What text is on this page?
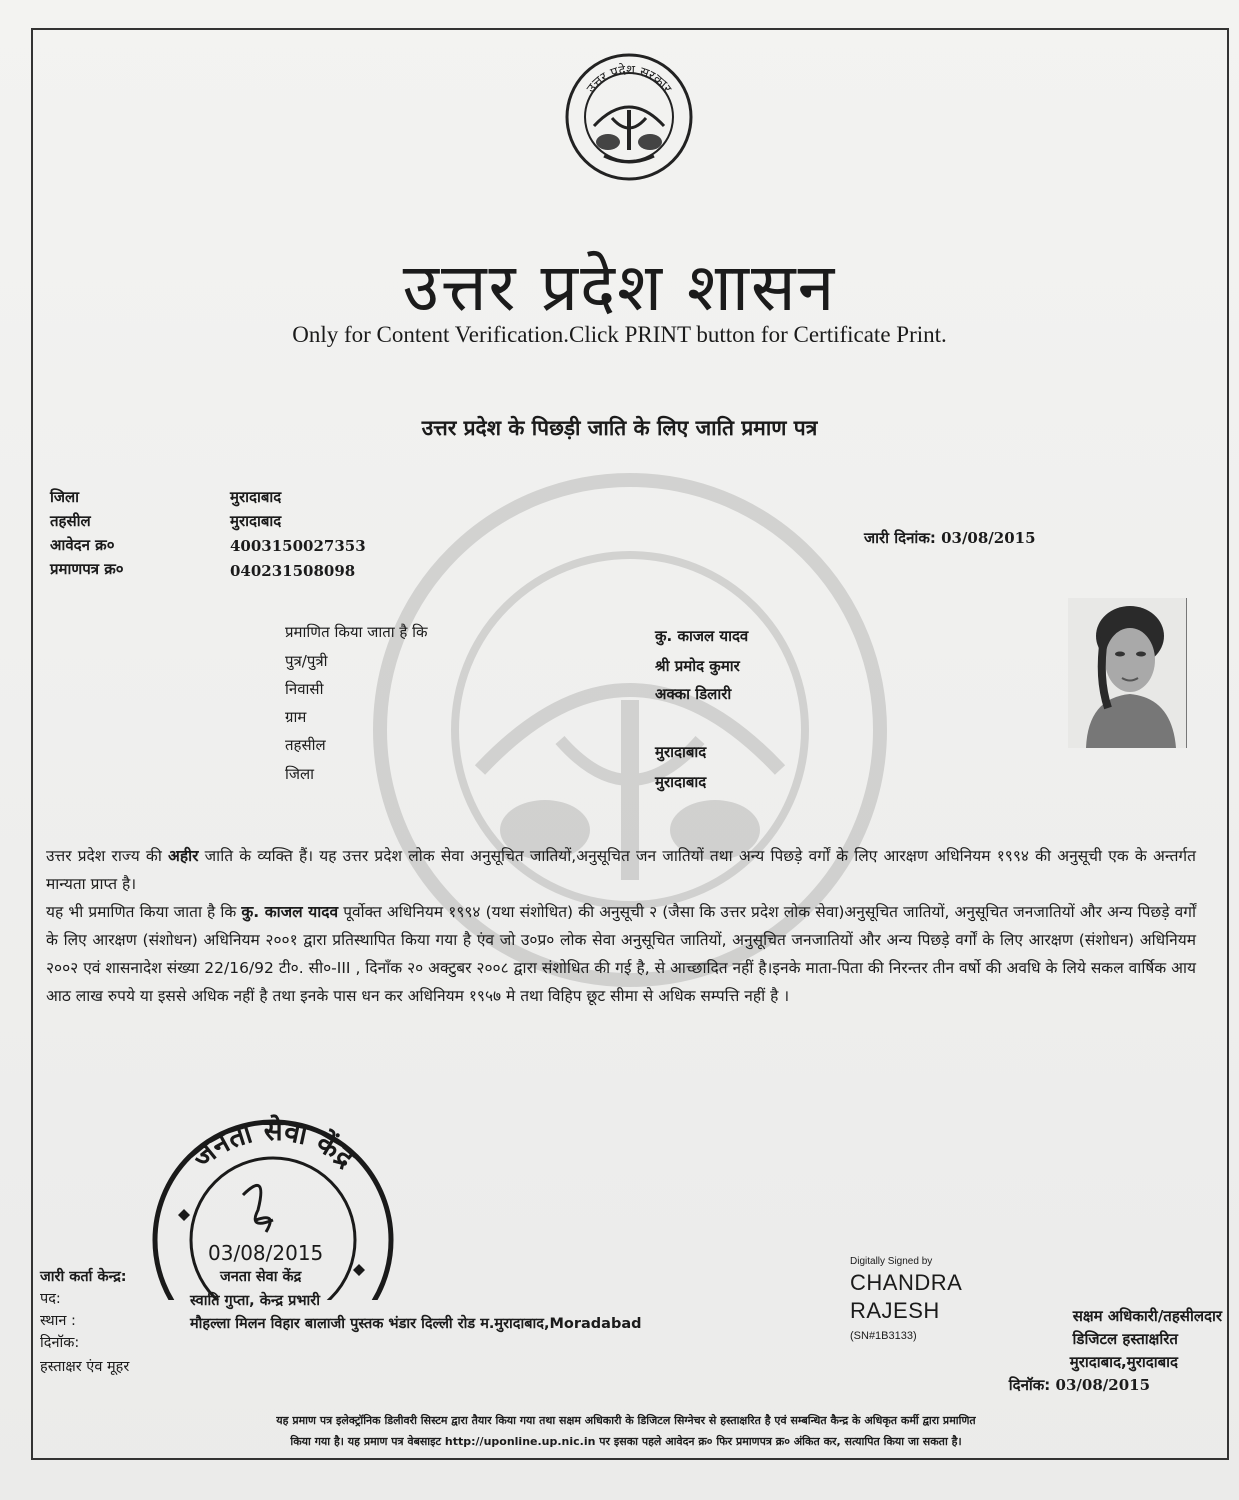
उत्तर प्रदेश सरकार
उत्तर प्रदेश शासन
Only for Content Verification.Click PRINT button for Certificate Print.
उत्तर प्रदेश के पिछड़ी जाति के लिए जाति प्रमाण पत्र
जिला	मुरादाबाद
तहसील	मुरादाबाद
आवेदन क्र०	4003150027353
प्रमाणपत्र क्र०	040231508098
जारी दिनांक: 03/08/2015
प्रमाणित किया जाता है कि	कु. काजल यादव
पुत्र/पुत्री	श्री प्रमोद कुमार
निवासी	अक्का डिलारी
ग्राम
तहसील	मुरादाबाद
जिला	मुरादाबाद
उत्तर प्रदेश राज्य की अहीर जाति के व्यक्ति हैं। यह उत्तर प्रदेश लोक सेवा अनुसूचित जातियों,अनुसूचित जन जातियों तथा अन्य पिछड़े वर्गों के लिए आरक्षण अधिनियम १९९४ की अनुसूची एक के अन्तर्गत मान्यता प्राप्त है।
यह भी प्रमाणित किया जाता है कि कु. काजल यादव पूर्वोक्त अधिनियम १९९४ (यथा संशोधित) की अनुसूची २ (जैसा कि उत्तर प्रदेश लोक सेवा)अनुसूचित जातियों, अनुसूचित जनजातियों और अन्य पिछड़े वर्गों के लिए आरक्षण (संशोधन) अधिनियम २००१ द्वारा प्रतिस्थापित किया गया है एंव जो उ०प्र० लोक सेवा अनुसूचित जातियों, अनुसूचित जनजातियों और अन्य पिछड़े वर्गों के लिए आरक्षण (संशोधन) अधिनियम २००२ एवं शासनादेश संख्या 22/16/92 टी०. सी०-III , दिनाँक २० अक्टुबर २००८ द्वारा संशोधित की गई है, से आच्छादित नहीं है।इनके माता-पिता की निरन्तर तीन वर्षो की अवधि के लिये सकल वार्षिक आय आठ लाख रुपये या इससे अधिक नहीं है तथा इनके पास धन कर अधिनियम १९५७ मे तथा विहिप छूट सीमा से अधिक सम्पत्ति नहीं है ।
जनता सेवा केंद्र
03/08/2015
जारी कर्ता केन्द्र:	जनता सेवा केंद्र
पद:	स्वाति गुप्ता, केन्द्र प्रभारी
स्थान :	मौहल्ला मिलन विहार बालाजी पुस्तक भंडार दिल्ली रोड म.मुरादाबाद,Moradabad
दिनॉक:
हस्ताक्षर एंव मूहर
Digitally Signed by
CHANDRA
RAJESH
(SN#1B3133)
सक्षम अधिकारी/तहसीलदार
डिजिटल हस्ताक्षरित
मुरादाबाद,मुरादाबाद
दिनॉक: 03/08/2015
यह प्रमाण पत्र इलेक्ट्रॉनिक डिलीवरी सिस्टम द्वारा तैयार किया गया तथा सक्षम अधिकारी के डिजिटल सिग्नेचर से हस्ताक्षरित है एवं सम्बन्धित कैन्द्र के अधिकृत कर्मी द्वारा प्रमाणित
किया गया है। यह प्रमाण पत्र वेबसाइट http://uponline.up.nic.in पर इसका पहले आवेदन क्र० फिर प्रमाणपत्र क्र० अंकित कर, सत्यापित किया जा सकता है।
